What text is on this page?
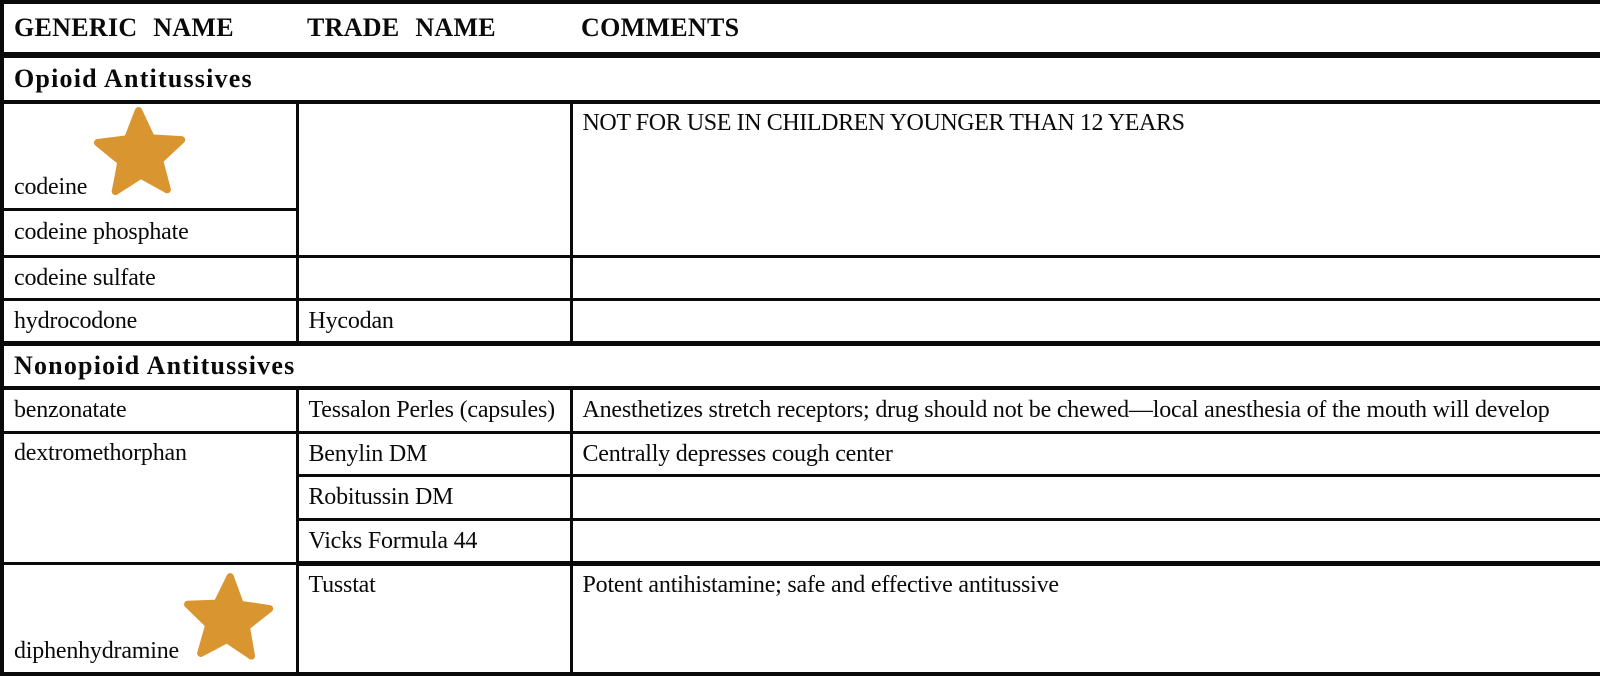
GENERIC NAME	TRADE NAME	COMMENTS
Opioid Antitussives		

codeine		NOT FOR USE IN CHILDREN YOUNGER THAN 12 YEARS
codeine phosphate		
codeine sulfate		
hydrocodone	Hycodan	
Nonopioid Antitussives		
benzonatate	Tessalon Perles (capsules)	Anesthetizes stretch receptors; drug should not be chewed—local anesthesia of the mouth will develop
dextromethorphan	Benylin DM	Centrally depresses cough center
	Robitussin DM	
	Vicks Formula 44	

diphenhydramine	Tusstat	Potent antihistamine; safe and effective antitussive
